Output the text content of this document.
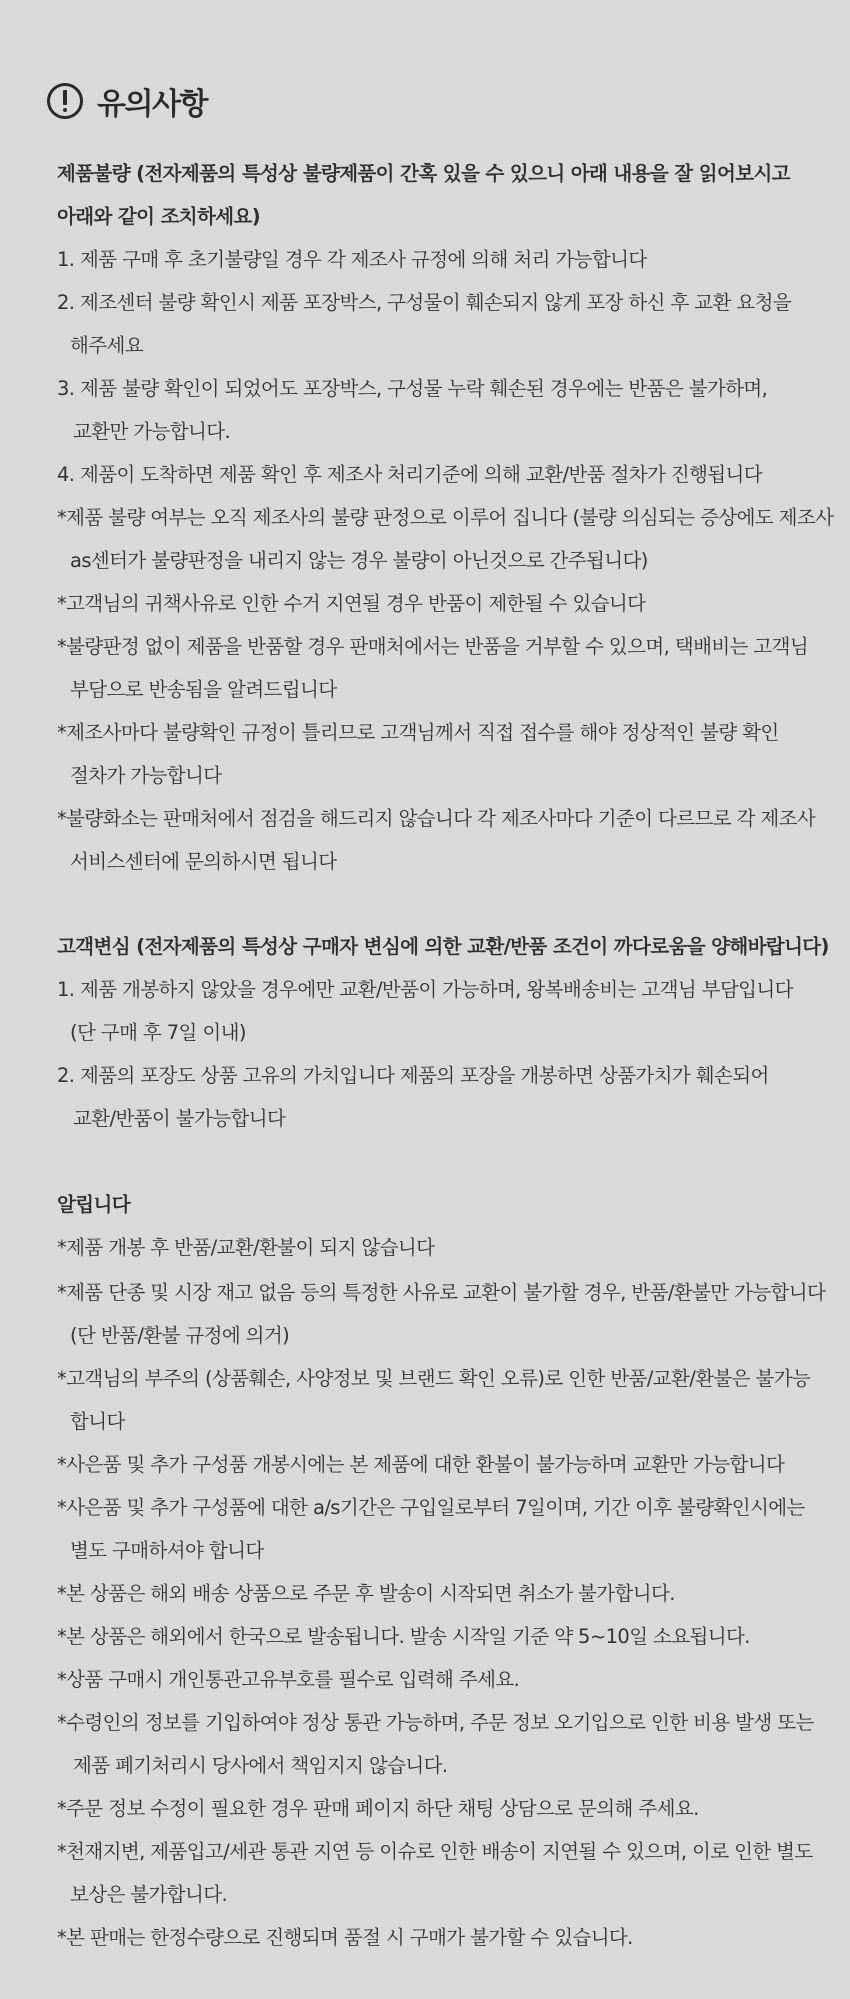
유의사항
제품불량 (전자제품의 특성상 불량제품이 간혹 있을 수 있으니 아래 내용을 잘 읽어보시고
아래와 같이 조치하세요)
1. 제품 구매 후 초기불량일 경우 각 제조사 규정에 의해 처리 가능합니다
2. 제조센터 불량 확인시 제품 포장박스, 구성물이 훼손되지 않게 포장 하신 후 교환 요청을
해주세요
3. 제품 불량 확인이 되었어도 포장박스, 구성물 누락 훼손된 경우에는 반품은 불가하며,
교환만 가능합니다.
4. 제품이 도착하면 제품 확인 후 제조사 처리기준에 의해 교환/반품 절차가 진행됩니다
*제품 불량 여부는 오직 제조사의 불량 판정으로 이루어 집니다 (불량 의심되는 증상에도 제조사
as센터가 불량판정을 내리지 않는 경우 불량이 아닌것으로 간주됩니다)
*고객님의 귀책사유로 인한 수거 지연될 경우 반품이 제한될 수 있습니다
*불량판정 없이 제품을 반품할 경우 판매처에서는 반품을 거부할 수 있으며, 택배비는 고객님
부담으로 반송됨을 알려드립니다
*제조사마다 불량확인 규정이 틀리므로 고객님께서 직접 접수를 해야 정상적인 불량 확인
절차가 가능합니다
*불량화소는 판매처에서 점검을 해드리지 않습니다 각 제조사마다 기준이 다르므로 각 제조사
서비스센터에 문의하시면 됩니다
고객변심 (전자제품의 특성상 구매자 변심에 의한 교환/반품 조건이 까다로움을 양해바랍니다)
1. 제품 개봉하지 않았을 경우에만 교환/반품이 가능하며, 왕복배송비는 고객님 부담입니다
(단 구매 후 7일 이내)
2. 제품의 포장도 상품 고유의 가치입니다 제품의 포장을 개봉하면 상품가치가 훼손되어
교환/반품이 불가능합니다
알립니다
*제품 개봉 후 반품/교환/환불이 되지 않습니다
*제품 단종 및 시장 재고 없음 등의 특정한 사유로 교환이 불가할 경우, 반품/환불만 가능합니다
(단 반품/환불 규정에 의거)
*고객님의 부주의 (상품훼손, 사양정보 및 브랜드 확인 오류)로 인한 반품/교환/환불은 불가능
합니다
*사은품 및 추가 구성품 개봉시에는 본 제품에 대한 환불이 불가능하며 교환만 가능합니다
*사은품 및 추가 구성품에 대한 a/s기간은 구입일로부터 7일이며, 기간 이후 불량확인시에는
별도 구매하셔야 합니다
*본 상품은 해외 배송 상품으로 주문 후 발송이 시작되면 취소가 불가합니다.
*본 상품은 해외에서 한국으로 발송됩니다. 발송 시작일 기준 약 5~10일 소요됩니다.
*상품 구매시 개인통관고유부호를 필수로 입력해 주세요.
*수령인의 정보를 기입하여야 정상 통관 가능하며, 주문 정보 오기입으로 인한 비용 발생 또는
제품 폐기처리시 당사에서 책임지지 않습니다.
*주문 정보 수정이 필요한 경우 판매 페이지 하단 채팅 상담으로 문의해 주세요.
*천재지변, 제품입고/세관 통관 지연 등 이슈로 인한 배송이 지연될 수 있으며, 이로 인한 별도
보상은 불가합니다.
*본 판매는 한정수량으로 진행되며 품절 시 구매가 불가할 수 있습니다.
